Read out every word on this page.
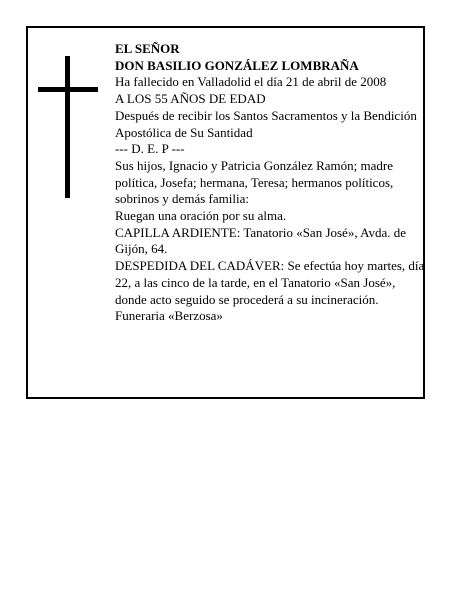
EL SEÑOR

DON BASILIO GONZÁLEZ LOMBRAÑA

Ha fallecido en Valladolid el día 21 de abril de 2008

A LOS 55 AÑOS DE EDAD

Después de recibir los Santos Sacramentos y la Bendición Apostólica de Su Santidad

--- D. E. P ---

Sus hijos, Ignacio y Patricia González Ramón; madre política, Josefa; hermana, Teresa; hermanos políticos, sobrinos y demás familia:

Ruegan una oración por su alma.

CAPILLA ARDIENTE: Tanatorio «San José», Avda. de Gijón, 64.

DESPEDIDA DEL CADÁVER: Se efectúa hoy martes, día 22, a las cinco de la tarde, en el Tanatorio «San José», donde acto seguido se procederá a su incineración.

Funeraria «Berzosa»
